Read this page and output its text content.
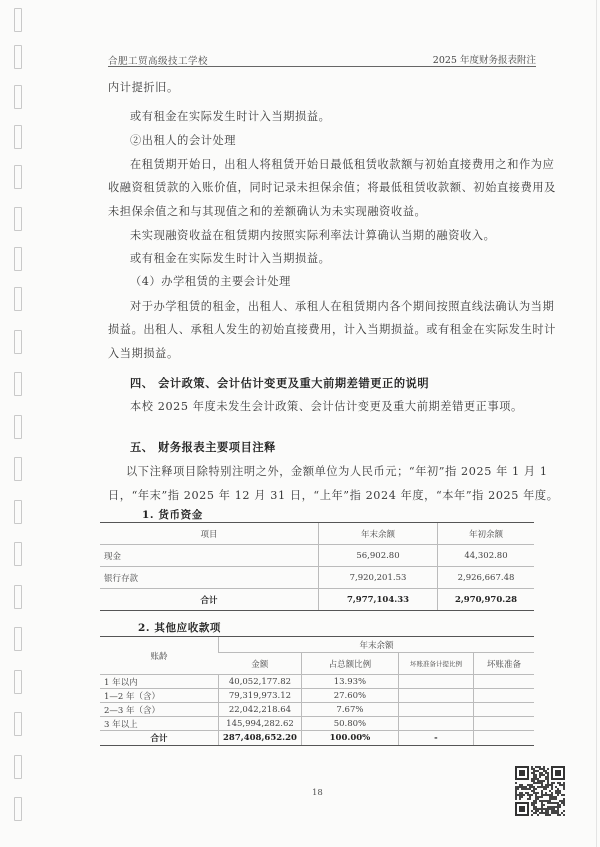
合肥工贸高级技工学校	2025 年度财务报表附注
内计提折旧。
或有租金在实际发生时计入当期损益。
②出租人的会计处理
在租赁期开始日，出租人将租赁开始日最低租赁收款额与初始直接费用之和作为应
收融资租赁款的入账价值，同时记录未担保余值；将最低租赁收款额、初始直接费用及
未担保余值之和与其现值之和的差额确认为未实现融资收益。
未实现融资收益在租赁期内按照实际利率法计算确认当期的融资收入。
或有租金在实际发生时计入当期损益。
（4）办学租赁的主要会计处理
对于办学租赁的租金，出租人、承租人在租赁期内各个期间按照直线法确认为当期
损益。出租人、承租人发生的初始直接费用，计入当期损益。或有租金在实际发生时计
入当期损益。
四、 会计政策、会计估计变更及重大前期差错更正的说明
本校 2025 年度未发生会计政策、会计估计变更及重大前期差错更正事项。
五、 财务报表主要项目注释
以下注释项目除特别注明之外，金额单位为人民币元；“年初”指 2025 年 1 月 1
日，“年末”指 2025 年 12 月 31 日，“上年”指 2024 年度，“本年”指 2025 年度。
1. 货币资金
项目	年末余额	年初余额
现金	56,902.80	44,302.80
银行存款	7,920,201.53	2,926,667.48
合计	7,977,104.33	2,970,970.28
2. 其他应收款项
账龄	年末余额			
	金额	占总额比例	坏账准备计提比例	坏账准备
1 年以内	40,052,177.82	13.93%		
1—2 年（含）	79,319,973.12	27.60%		
2—3 年（含）	22,042,218.64	7.67%		
3 年以上	145,994,282.62	50.80%		
合计	287,408,652.20	100.00%	-	
18
